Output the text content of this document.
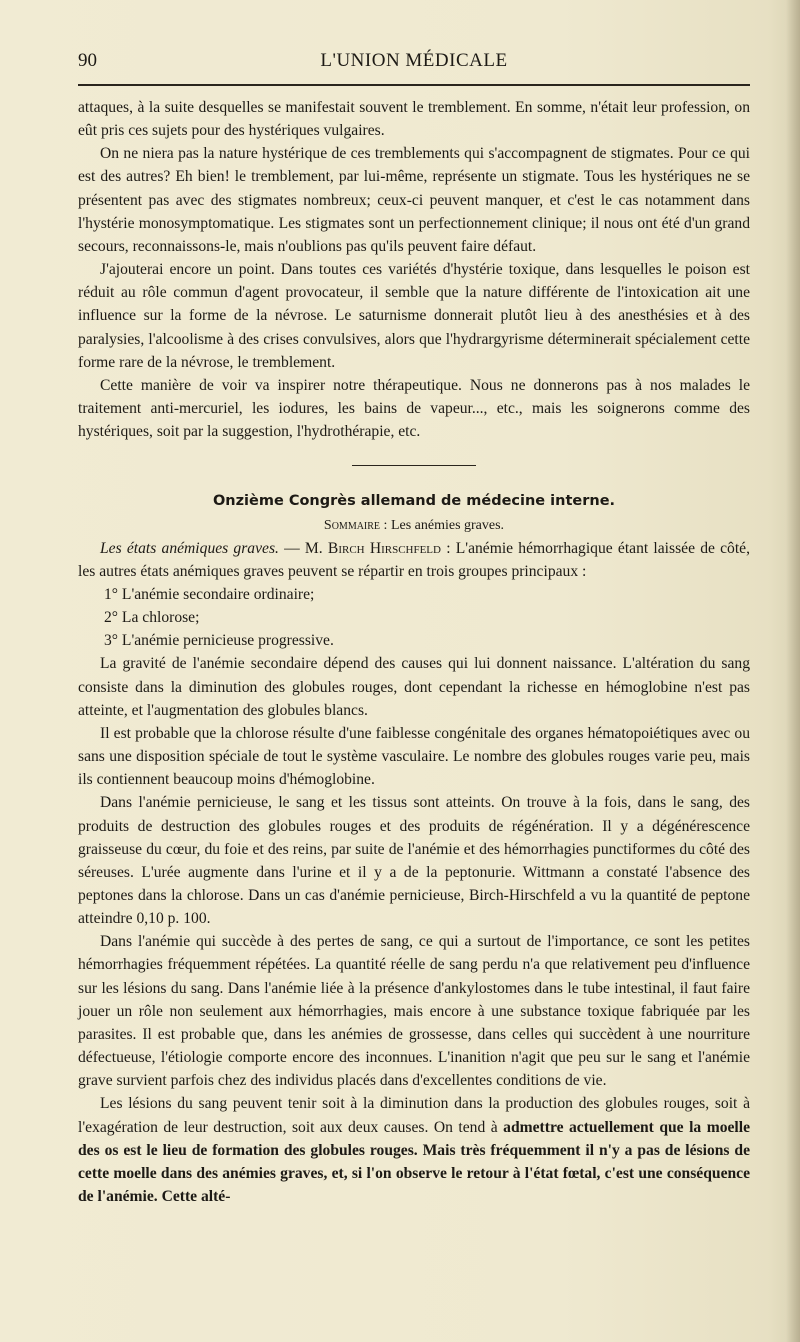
90	L'UNION MÉDICALE

attaques, à la suite desquelles se manifestait souvent le tremblement. En somme, n'était leur profession, on eût pris ces sujets pour des hystériques vulgaires.

On ne niera pas la nature hystérique de ces tremblements qui s'accompagnent de stigmates. Pour ce qui est des autres? Eh bien! le tremblement, par lui-même, représente un stigmate. Tous les hystériques ne se présentent pas avec des stigmates nombreux; ceux-ci peuvent manquer, et c'est le cas notamment dans l'hystérie monosymptomatique. Les stigmates sont un perfectionnement clinique; il nous ont été d'un grand secours, reconnaissons-le, mais n'oublions pas qu'ils peuvent faire défaut.

J'ajouterai encore un point. Dans toutes ces variétés d'hystérie toxique, dans lesquelles le poison est réduit au rôle commun d'agent provocateur, il semble que la nature différente de l'intoxication ait une influence sur la forme de la névrose. Le saturnisme donnerait plutôt lieu à des anesthésies et à des paralysies, l'alcoolisme à des crises convulsives, alors que l'hydrargyrisme déterminerait spécialement cette forme rare de la névrose, le tremblement.

Cette manière de voir va inspirer notre thérapeutique. Nous ne donnerons pas à nos malades le traitement anti-mercuriel, les iodures, les bains de vapeur..., etc., mais les soignerons comme des hystériques, soit par la suggestion, l'hydrothérapie, etc.

Onzième Congrès allemand de médecine interne.

Sommaire : Les anémies graves.

Les états anémiques graves. — M. Birch Hirschfeld : L'anémie hémorrhagique étant laissée de côté, les autres états anémiques graves peuvent se répartir en trois groupes principaux :

1° L'anémie secondaire ordinaire;

2° La chlorose;

3° L'anémie pernicieuse progressive.

La gravité de l'anémie secondaire dépend des causes qui lui donnent naissance. L'altération du sang consiste dans la diminution des globules rouges, dont cependant la richesse en hémoglobine n'est pas atteinte, et l'augmentation des globules blancs.

Il est probable que la chlorose résulte d'une faiblesse congénitale des organes hématopoiétiques avec ou sans une disposition spéciale de tout le système vasculaire. Le nombre des globules rouges varie peu, mais ils contiennent beaucoup moins d'hémoglobine.

Dans l'anémie pernicieuse, le sang et les tissus sont atteints. On trouve à la fois, dans le sang, des produits de destruction des globules rouges et des produits de régénération. Il y a dégénérescence graisseuse du cœur, du foie et des reins, par suite de l'anémie et des hémorrhagies punctiformes du côté des séreuses. L'urée augmente dans l'urine et il y a de la peptonurie. Wittmann a constaté l'absence des peptones dans la chlorose. Dans un cas d'anémie pernicieuse, Birch-Hirschfeld a vu la quantité de peptone atteindre 0,10 p. 100.

Dans l'anémie qui succède à des pertes de sang, ce qui a surtout de l'importance, ce sont les petites hémorrhagies fréquemment répétées. La quantité réelle de sang perdu n'a que relativement peu d'influence sur les lésions du sang. Dans l'anémie liée à la présence d'ankylostomes dans le tube intestinal, il faut faire jouer un rôle non seulement aux hémorrhagies, mais encore à une substance toxique fabriquée par les parasites. Il est probable que, dans les anémies de grossesse, dans celles qui succèdent à une nourriture défectueuse, l'étiologie comporte encore des inconnues. L'inanition n'agit que peu sur le sang et l'anémie grave survient parfois chez des individus placés dans d'excellentes conditions de vie.

Les lésions du sang peuvent tenir soit à la diminution dans la production des globules rouges, soit à l'exagération de leur destruction, soit aux deux causes. On tend à admettre actuellement que la moelle des os est le lieu de formation des globules rouges. Mais très fréquemment il n'y a pas de lésions de cette moelle dans des anémies graves, et, si l'on observe le retour à l'état fœtal, c'est une conséquence de l'anémie. Cette alté-
